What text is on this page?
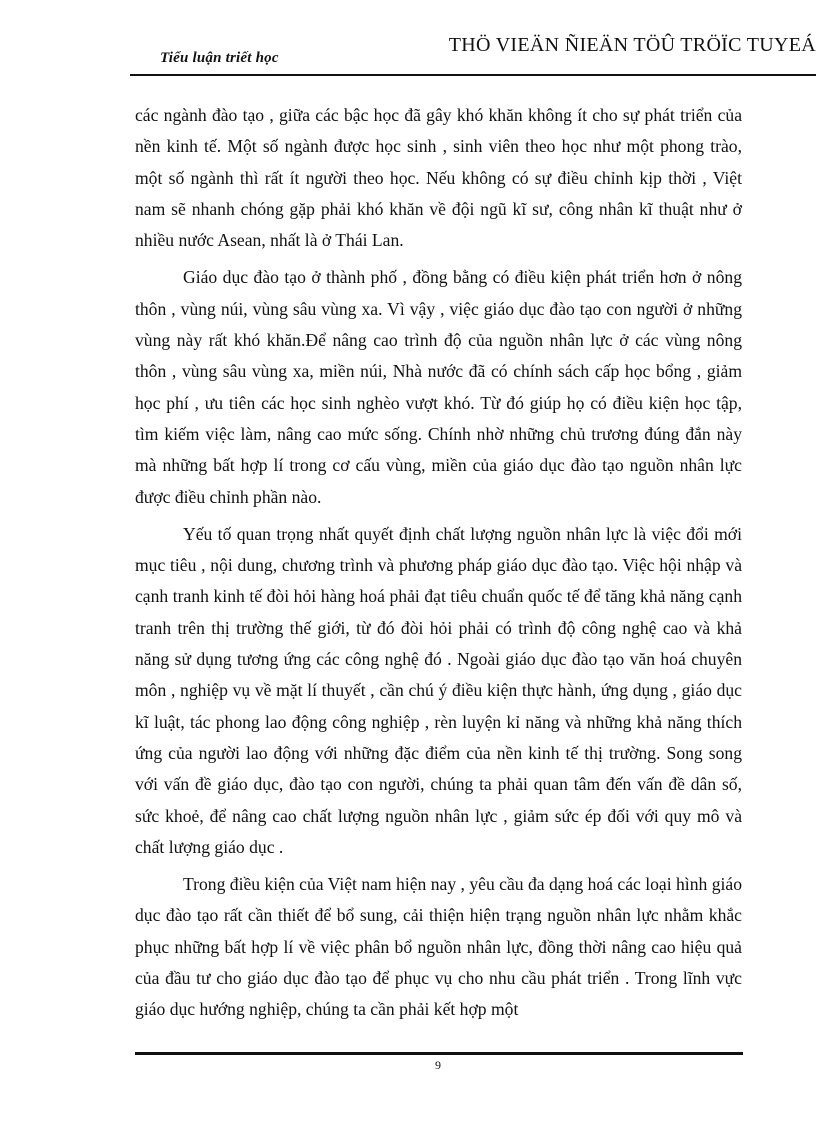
Tiểu luận triết học
THÖ VIEÄN ÑIEÄN TÖÛ TRÖÏC TUYEÁ

các ngành đào tạo , giữa các bậc học đã gây khó khăn không ít cho sự phát triển của nền kinh tế. Một số ngành được học sinh , sinh viên theo học như một phong trào, một số ngành thì rất ít người theo học. Nếu không có sự điều chỉnh kịp thời , Việt nam sẽ nhanh chóng gặp phải khó khăn về đội ngũ kĩ sư, công nhân kĩ thuật như ở nhiều nước Asean, nhất là ở Thái Lan.

Giáo dục đào tạo ở thành phố , đồng bằng có điều kiện phát triển hơn ở nông thôn , vùng núi, vùng sâu vùng xa. Vì vậy , việc giáo dục đào tạo con người ở những vùng này rất khó khăn.Để nâng cao trình độ của nguồn nhân lực ở các vùng nông thôn , vùng sâu vùng xa, miền núi, Nhà nước đã có chính sách cấp học bổng , giảm học phí , ưu tiên các học sinh nghèo vượt khó. Từ đó giúp họ có điều kiện học tập, tìm kiếm việc làm, nâng cao mức sống. Chính nhờ những chủ trương đúng đắn này mà những bất hợp lí trong cơ cấu vùng, miền của giáo dục đào tạo nguồn nhân lực được điều chỉnh phần nào.

Yếu tố quan trọng nhất quyết định chất lượng nguồn nhân lực là việc đổi mới mục tiêu , nội dung, chương trình và phương pháp giáo dục đào tạo. Việc hội nhập và cạnh tranh kinh tế đòi hỏi hàng hoá phải đạt tiêu chuẩn quốc tế để tăng khả năng cạnh tranh trên thị trường thế giới, từ đó đòi hỏi phải có trình độ công nghệ cao và khả năng sử dụng tương ứng các công nghệ đó . Ngoài giáo dục đào tạo văn hoá chuyên môn , nghiệp vụ về mặt lí thuyết , cần chú ý điều kiện thực hành, ứng dụng , giáo dục kĩ luật, tác phong lao động công nghiệp , rèn luyện kỉ năng và những khả năng thích ứng của người lao động với những đặc điểm của nền kinh tế thị trường. Song song với vấn đề giáo dục, đào tạo con người, chúng ta phải quan tâm đến vấn đề dân số, sức khoẻ, để nâng cao chất lượng nguồn nhân lực , giảm sức ép đối với quy mô và chất lượng giáo dục .

Trong điều kiện của Việt nam hiện nay , yêu cầu đa dạng hoá các loại hình giáo dục đào tạo rất cần thiết để bổ sung, cải thiện hiện trạng nguồn nhân lực nhằm khắc phục những bất hợp lí về việc phân bổ nguồn nhân lực, đồng thời nâng cao hiệu quả của đầu tư cho giáo dục đào tạo để phục vụ cho nhu cầu phát triển . Trong lĩnh vực giáo dục hướng nghiệp, chúng ta cần phải kết hợp một

9
